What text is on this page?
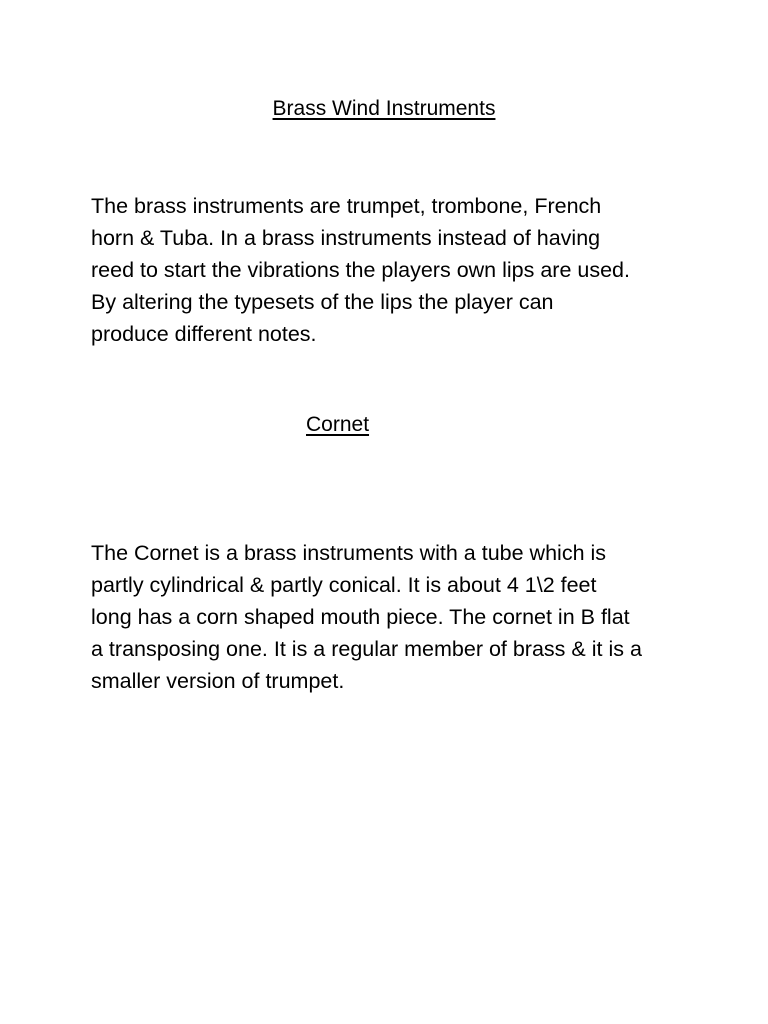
Brass Wind Instruments

The brass instruments are trumpet, trombone, French
horn & Tuba. In a brass instruments instead of having
reed to start the vibrations the players own lips are used.
By altering the typesets of the lips the player can
produce different notes.

Cornet

The Cornet is a brass instruments with a tube which is
partly cylindrical & partly conical. It is about 4 1\2 feet
long has a corn shaped mouth piece. The cornet in B flat
a transposing one. It is a regular member of brass & it is a
smaller version of trumpet.
